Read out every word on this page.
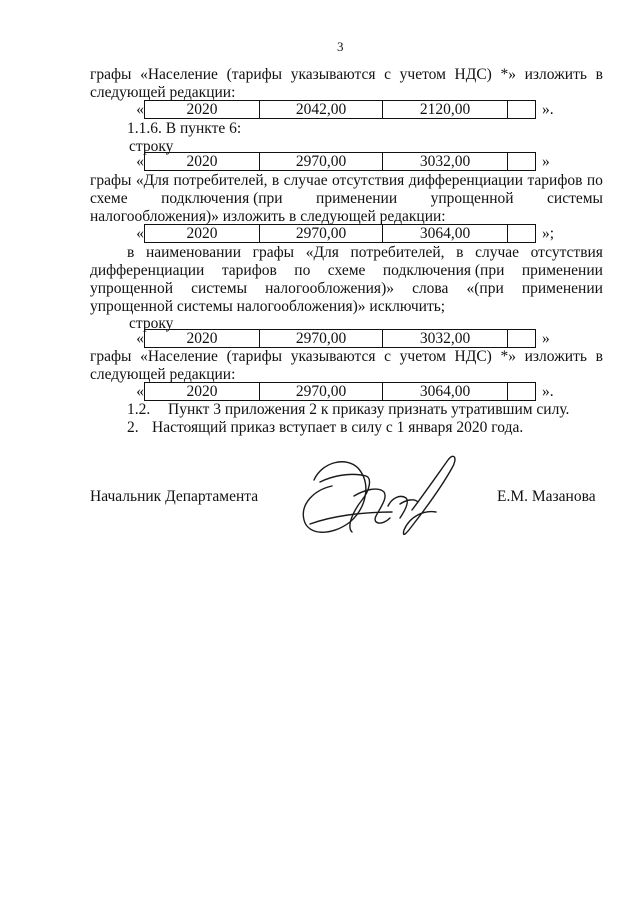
3
графы «Население (тарифы указываются с учетом НДС) *» изложить в
следующей редакции:
«	2020	2042,00	2120,00	».
1.1.6. В пункте 6:
строку
«	2020	2970,00	3032,00	»
графы «Для потребителей, в случае отсутствия дифференциации тарифов по
схеме подключения (при применении упрощенной системы
налогообложения)» изложить в следующей редакции:
«	2020	2970,00	3064,00	»;
в наименовании графы «Для потребителей, в случае отсутствия
дифференциации тарифов по схеме подключения (при применении
упрощенной системы налогообложения)» слова «(при применении
упрощенной системы налогообложения)» исключить;
строку
«	2020	2970,00	3032,00	»
графы «Население (тарифы указываются с учетом НДС) *» изложить в
следующей редакции:
«	2020	2970,00	3064,00	».
1.2. Пункт 3 приложения 2 к приказу признать утратившим силу.
2. Настоящий приказ вступает в силу с 1 января 2020 года.
Начальник Департамента	Е.М. Мазанова
